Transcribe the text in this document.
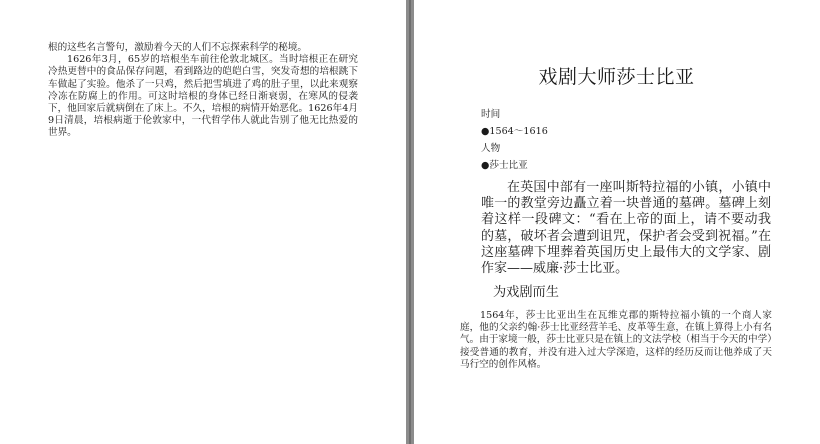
根的这些名言警句，激励着今天的人们不忘探索科学的秘境。

1626年3月，65岁的培根坐车前往伦敦北城区。当时培根正在研究冷热更替中的食品保存问题，看到路边的皑皑白雪，突发奇想的培根跳下车做起了实验。他杀了一只鸡，然后把雪填进了鸡的肚子里，以此来观察冷冻在防腐上的作用。可这时培根的身体已经日渐衰弱，在寒风的侵袭下，他回家后就病倒在了床上。不久，培根的病情开始恶化。1626年4月9日清晨，培根病逝于伦敦家中，一代哲学伟人就此告别了他无比热爱的世界。

戏剧大师莎士比亚
时间
●1564～1616
人物
●莎士比亚

在英国中部有一座叫斯特拉福的小镇，小镇中唯一的教堂旁边矗立着一块普通的墓碑。墓碑上刻着这样一段碑文：“看在上帝的面上，请不要动我的墓，破坏者会遭到诅咒，保护者会受到祝福。”在这座墓碑下埋葬着英国历史上最伟大的文学家、剧作家——威廉·莎士比亚。

为戏剧而生

1564年，莎士比亚出生在瓦维克郡的斯特拉福小镇的一个商人家庭，他的父亲约翰·莎士比亚经营羊毛、皮革等生意，在镇上算得上小有名气。由于家境一般，莎士比亚只是在镇上的文法学校（相当于今天的中学）接受普通的教育，并没有进入过大学深造，这样的经历反而让他养成了天马行空的创作风格。
